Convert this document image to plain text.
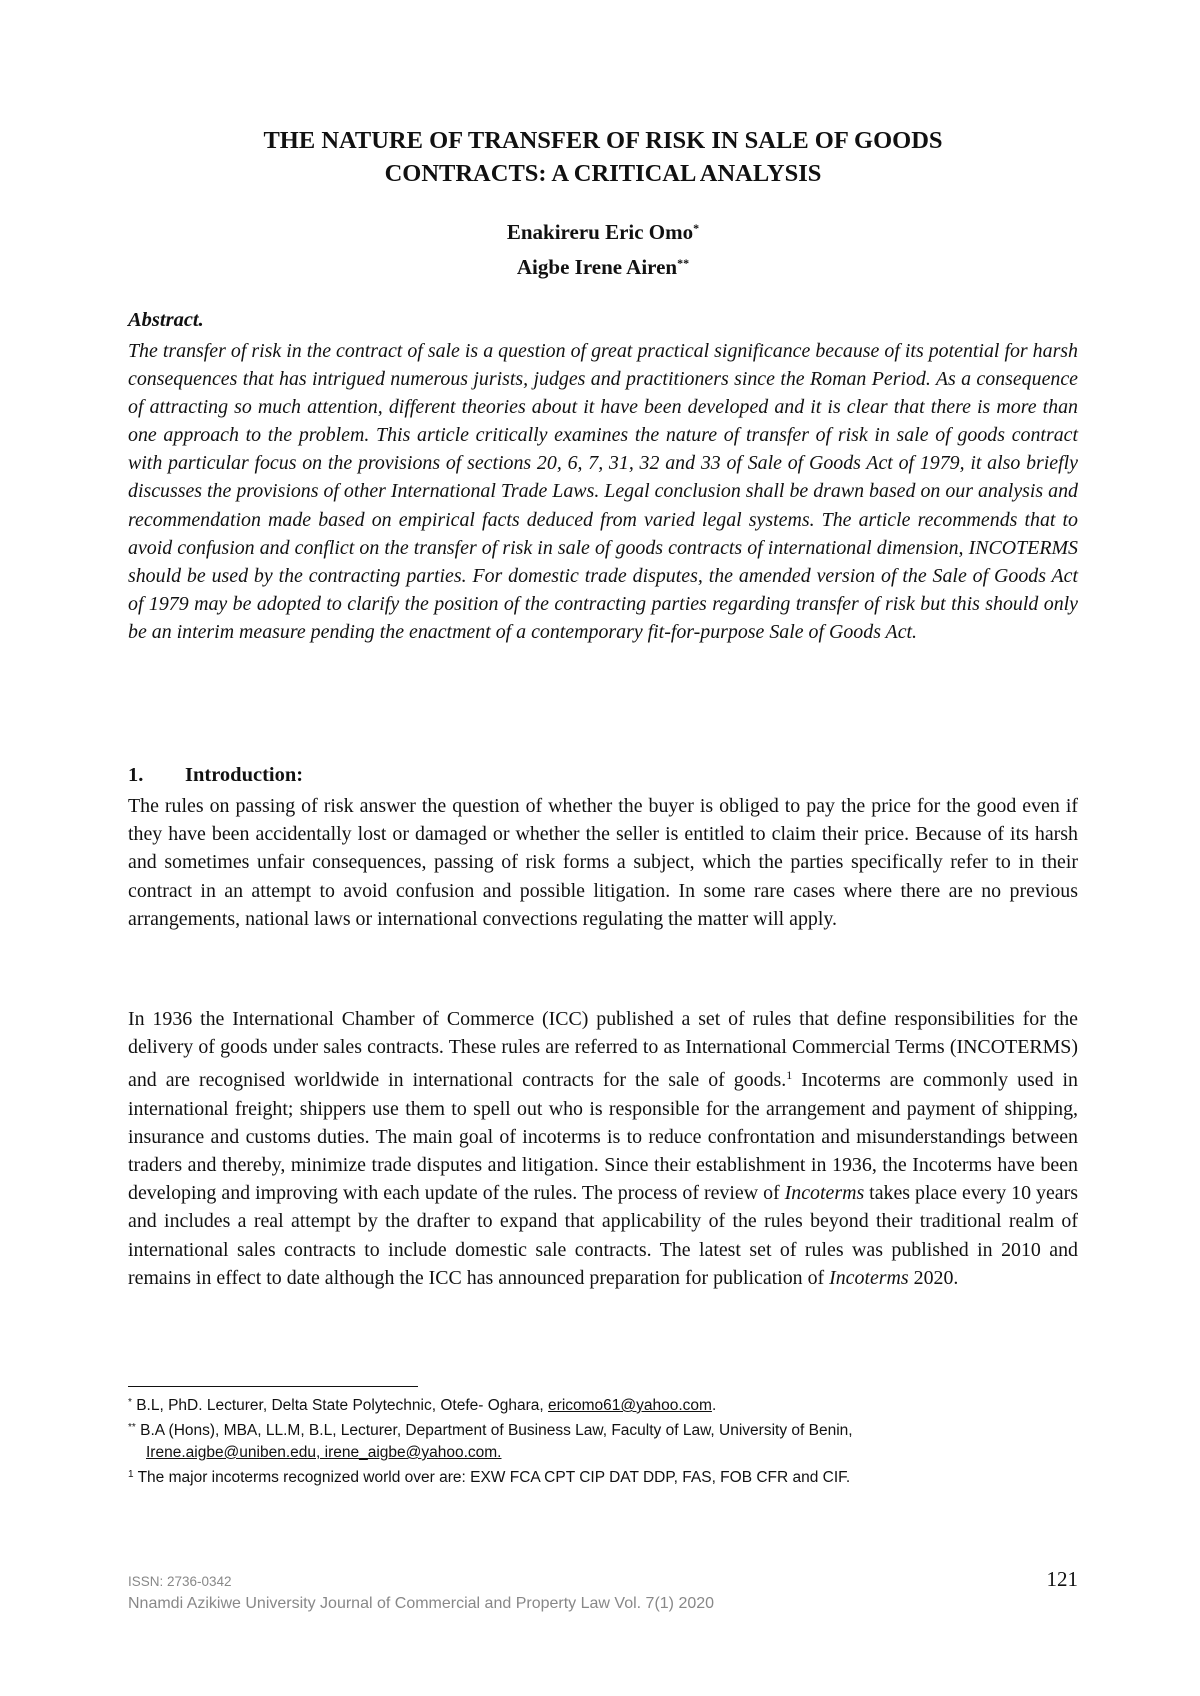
THE NATURE OF TRANSFER OF RISK IN SALE OF GOODS
CONTRACTS: A CRITICAL ANALYSIS
Enakireru Eric Omo*
Aigbe Irene Airen**
Abstract.

The transfer of risk in the contract of sale is a question of great practical significance because of its potential for harsh consequences that has intrigued numerous jurists, judges and practitioners since the Roman Period. As a consequence of attracting so much attention, different theories about it have been developed and it is clear that there is more than one approach to the problem. This article critically examines the nature of transfer of risk in sale of goods contract with particular focus on the provisions of sections 20, 6, 7, 31, 32 and 33 of Sale of Goods Act of 1979, it also briefly discusses the provisions of other International Trade Laws. Legal conclusion shall be drawn based on our analysis and recommendation made based on empirical facts deduced from varied legal systems. The article recommends that to avoid confusion and conflict on the transfer of risk in sale of goods contracts of international dimension, INCOTERMS should be used by the contracting parties. For domestic trade disputes, the amended version of the Sale of Goods Act of 1979 may be adopted to clarify the position of the contracting parties regarding transfer of risk but this should only be an interim measure pending the enactment of a contemporary fit-for-purpose Sale of Goods Act.

1. Introduction:

The rules on passing of risk answer the question of whether the buyer is obliged to pay the price for the good even if they have been accidentally lost or damaged or whether the seller is entitled to claim their price. Because of its harsh and sometimes unfair consequences, passing of risk forms a subject, which the parties specifically refer to in their contract in an attempt to avoid confusion and possible litigation. In some rare cases where there are no previous arrangements, national laws or international convections regulating the matter will apply.

In 1936 the International Chamber of Commerce (ICC) published a set of rules that define responsibilities for the delivery of goods under sales contracts. These rules are referred to as International Commercial Terms (INCOTERMS) and are recognised worldwide in international contracts for the sale of goods.$^1$ Incoterms are commonly used in international freight; shippers use them to spell out who is responsible for the arrangement and payment of shipping, insurance and customs duties. The main goal of incoterms is to reduce confrontation and misunderstandings between traders and thereby, minimize trade disputes and litigation. Since their establishment in 1936, the Incoterms have been developing and improving with each update of the rules. The process of review of Incoterms takes place every 10 years and includes a real attempt by the drafter to expand that applicability of the rules beyond their traditional realm of international sales contracts to include domestic sale contracts. The latest set of rules was published in 2010 and remains in effect to date although the ICC has announced preparation for publication of Incoterms 2020.

* B.L, PhD. Lecturer, Delta State Polytechnic, Otefe- Oghara, ericomo61@yahoo.com.

** B.A (Hons), MBA, LL.M, B.L, Lecturer, Department of Business Law, Faculty of Law, University of Benin,

Irene.aigbe@uniben.edu, irene_aigbe@yahoo.com.

$^1$ The major incoterms recognized world over are: EXW FCA CPT CIP DAT DDP, FAS, FOB CFR and CIF.

ISSN: 2736-0342
Nnamdi Azikiwe University Journal of Commercial and Property Law Vol. 7(1) 2020
121
